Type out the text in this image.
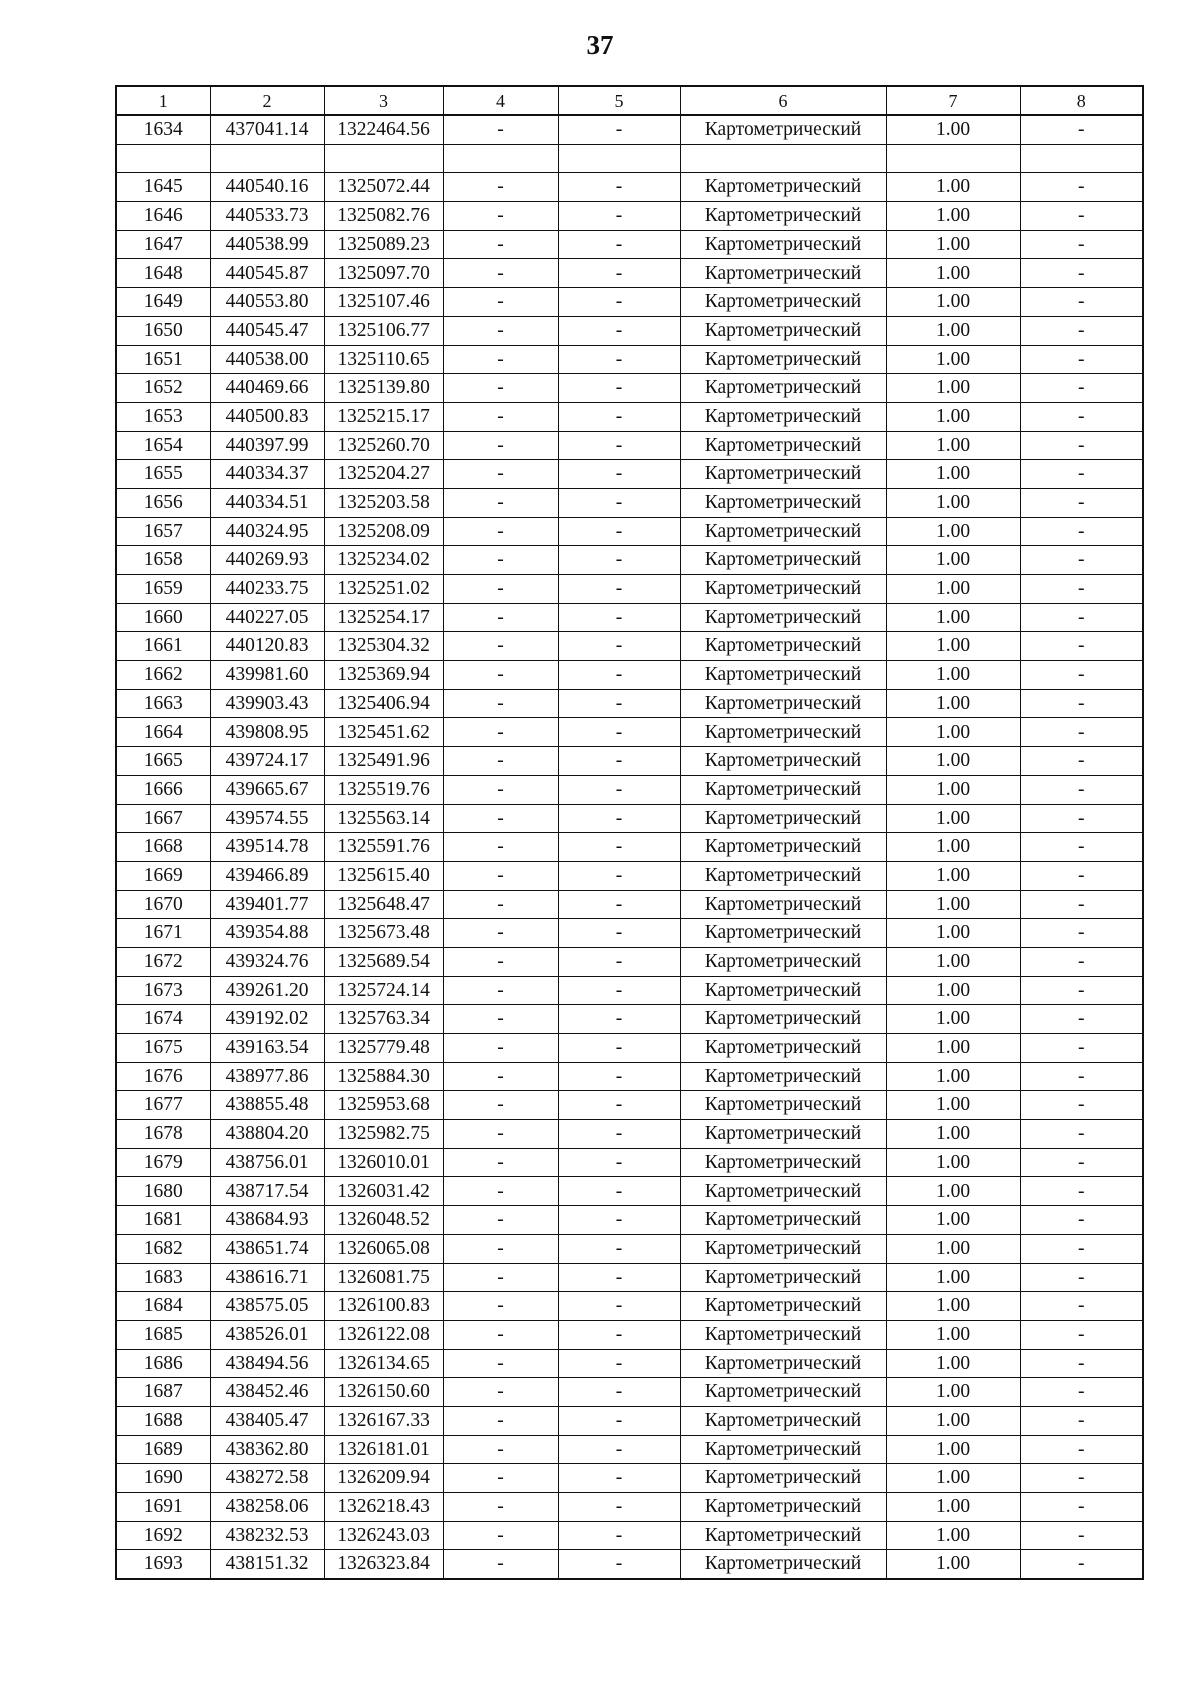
37
1	2	3	4	5	6	7	8
1634	437041.14	1322464.56	-	-	Картометрический	1.00	-

1645	440540.16	1325072.44	-	-	Картометрический	1.00	-
1646	440533.73	1325082.76	-	-	Картометрический	1.00	-
1647	440538.99	1325089.23	-	-	Картометрический	1.00	-
1648	440545.87	1325097.70	-	-	Картометрический	1.00	-
1649	440553.80	1325107.46	-	-	Картометрический	1.00	-
1650	440545.47	1325106.77	-	-	Картометрический	1.00	-
1651	440538.00	1325110.65	-	-	Картометрический	1.00	-
1652	440469.66	1325139.80	-	-	Картометрический	1.00	-
1653	440500.83	1325215.17	-	-	Картометрический	1.00	-
1654	440397.99	1325260.70	-	-	Картометрический	1.00	-
1655	440334.37	1325204.27	-	-	Картометрический	1.00	-
1656	440334.51	1325203.58	-	-	Картометрический	1.00	-
1657	440324.95	1325208.09	-	-	Картометрический	1.00	-
1658	440269.93	1325234.02	-	-	Картометрический	1.00	-
1659	440233.75	1325251.02	-	-	Картометрический	1.00	-
1660	440227.05	1325254.17	-	-	Картометрический	1.00	-
1661	440120.83	1325304.32	-	-	Картометрический	1.00	-
1662	439981.60	1325369.94	-	-	Картометрический	1.00	-
1663	439903.43	1325406.94	-	-	Картометрический	1.00	-
1664	439808.95	1325451.62	-	-	Картометрический	1.00	-
1665	439724.17	1325491.96	-	-	Картометрический	1.00	-
1666	439665.67	1325519.76	-	-	Картометрический	1.00	-
1667	439574.55	1325563.14	-	-	Картометрический	1.00	-
1668	439514.78	1325591.76	-	-	Картометрический	1.00	-
1669	439466.89	1325615.40	-	-	Картометрический	1.00	-
1670	439401.77	1325648.47	-	-	Картометрический	1.00	-
1671	439354.88	1325673.48	-	-	Картометрический	1.00	-
1672	439324.76	1325689.54	-	-	Картометрический	1.00	-
1673	439261.20	1325724.14	-	-	Картометрический	1.00	-
1674	439192.02	1325763.34	-	-	Картометрический	1.00	-
1675	439163.54	1325779.48	-	-	Картометрический	1.00	-
1676	438977.86	1325884.30	-	-	Картометрический	1.00	-
1677	438855.48	1325953.68	-	-	Картометрический	1.00	-
1678	438804.20	1325982.75	-	-	Картометрический	1.00	-
1679	438756.01	1326010.01	-	-	Картометрический	1.00	-
1680	438717.54	1326031.42	-	-	Картометрический	1.00	-
1681	438684.93	1326048.52	-	-	Картометрический	1.00	-
1682	438651.74	1326065.08	-	-	Картометрический	1.00	-
1683	438616.71	1326081.75	-	-	Картометрический	1.00	-
1684	438575.05	1326100.83	-	-	Картометрический	1.00	-
1685	438526.01	1326122.08	-	-	Картометрический	1.00	-
1686	438494.56	1326134.65	-	-	Картометрический	1.00	-
1687	438452.46	1326150.60	-	-	Картометрический	1.00	-
1688	438405.47	1326167.33	-	-	Картометрический	1.00	-
1689	438362.80	1326181.01	-	-	Картометрический	1.00	-
1690	438272.58	1326209.94	-	-	Картометрический	1.00	-
1691	438258.06	1326218.43	-	-	Картометрический	1.00	-
1692	438232.53	1326243.03	-	-	Картометрический	1.00	-
1693	438151.32	1326323.84	-	-	Картометрический	1.00	-
